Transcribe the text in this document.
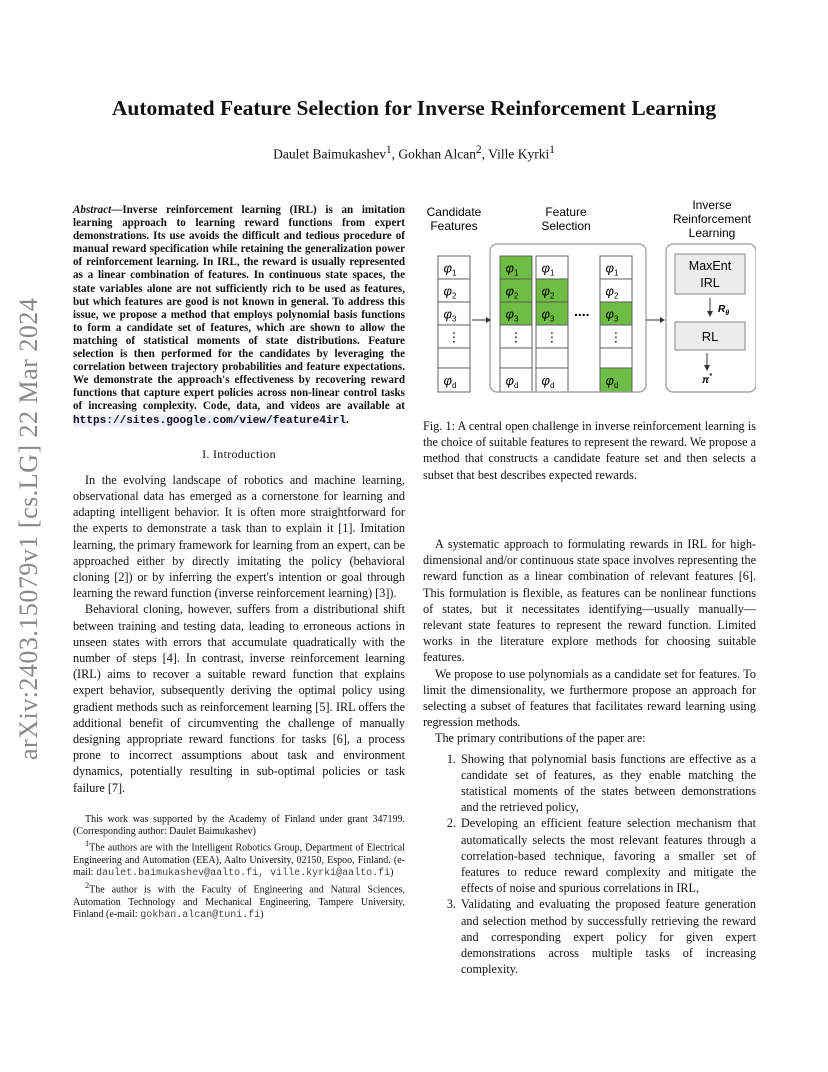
arXiv:2403.15079v1 [cs.LG] 22 Mar 2024
Automated Feature Selection for Inverse Reinforcement Learning
Daulet Baimukashev$^1$, Gokhan Alcan$^2$, Ville Kyrki$^1$
Abstract—Inverse reinforcement learning (IRL) is an imitation learning approach to learning reward functions from expert demonstrations. Its use avoids the difficult and tedious procedure of manual reward specification while retaining the generalization power of reinforcement learning. In IRL, the reward is usually represented as a linear combination of features. In continuous state spaces, the state variables alone are not sufficiently rich to be used as features, but which features are good is not known in general. To address this issue, we propose a method that employs polynomial basis functions to form a candidate set of features, which are shown to allow the matching of statistical moments of state distributions. Feature selection is then performed for the candidates by leveraging the correlation between trajectory probabilities and feature expectations. We demonstrate the approach's effectiveness by recovering reward functions that capture expert policies across non-linear control tasks of increasing complexity. Code, data, and videos are available at https://sites.google.com/view/feature4irl.
I. Introduction

In the evolving landscape of robotics and machine learning, observational data has emerged as a cornerstone for learning and adapting intelligent behavior. It is often more straightforward for the experts to demonstrate a task than to explain it [1]. Imitation learning, the primary framework for learning from an expert, can be approached either by directly imitating the policy (behavioral cloning [2]) or by inferring the expert's intention or goal through learning the reward function (inverse reinforcement learning) [3]).

Behavioral cloning, however, suffers from a distributional shift between training and testing data, leading to erroneous actions in unseen states with errors that accumulate quadratically with the number of steps [4]. In contrast, inverse reinforcement learning (IRL) aims to recover a suitable reward function that explains expert behavior, subsequently deriving the optimal policy using gradient methods such as reinforcement learning [5]. IRL offers the additional benefit of circumventing the challenge of manually designing appropriate reward functions for tasks [6], a process prone to incorrect assumptions about task and environment dynamics, potentially resulting in sub-optimal policies or task failure [7].

This work was supported by the Academy of Finland under grant 347199. (Corresponding author: Daulet Baimukashev)

$^1$The authors are with the Intelligent Robotics Group, Department of Electrical Engineering and Automation (EEA), Aalto University, 02150, Espoo, Finland. (e-mail: daulet.baimukashev@aalto.fi, ville.kyrki@aalto.fi)

$^2$The author is with the Faculty of Engineering and Natural Sciences, Automation Technology and Mechanical Engineering, Tampere University, Finland (e-mail: gokhan.alcan@tuni.fi)

Candidate
Features
Feature
Selection
Inverse
Reinforcement
Learning
$\varphi_1$
$\varphi_2$
$\varphi_3$
⋮
$\varphi_d$
$\varphi_1$
$\varphi_2$
$\varphi_3$
⋮
$\varphi_d$
$\varphi_1$
$\varphi_2$
$\varphi_3$
⋮
$\varphi_d$
$\varphi_1$
$\varphi_2$
$\varphi_3$
⋮
$\varphi_d$
....
MaxEnt
IRL
$R_\theta$
RL
π*
Fig. 1: A central open challenge in inverse reinforcement learning is the choice of suitable features to represent the reward. We propose a method that constructs a candidate feature set and then selects a subset that best describes expected rewards.

A systematic approach to formulating rewards in IRL for high-dimensional and/or continuous state space involves representing the reward function as a linear combination of relevant features [6]. This formulation is flexible, as features can be nonlinear functions of states, but it necessitates identifying—usually manually—relevant state features to represent the reward function. Limited works in the literature explore methods for choosing suitable features.

We propose to use polynomials as a candidate set for features. To limit the dimensionality, we furthermore propose an approach for selecting a subset of features that facilitates reward learning using regression methods.

The primary contributions of the paper are:

1. Showing that polynomial basis functions are effective as a candidate set of features, as they enable matching the statistical moments of the states between demonstrations and the retrieved policy,
2. Developing an efficient feature selection mechanism that automatically selects the most relevant features through a correlation-based technique, favoring a smaller set of features to reduce reward complexity and mitigate the effects of noise and spurious correlations in IRL,
3. Validating and evaluating the proposed feature generation and selection method by successfully retrieving the reward and corresponding expert policy for given expert demonstrations across multiple tasks of increasing complexity.
